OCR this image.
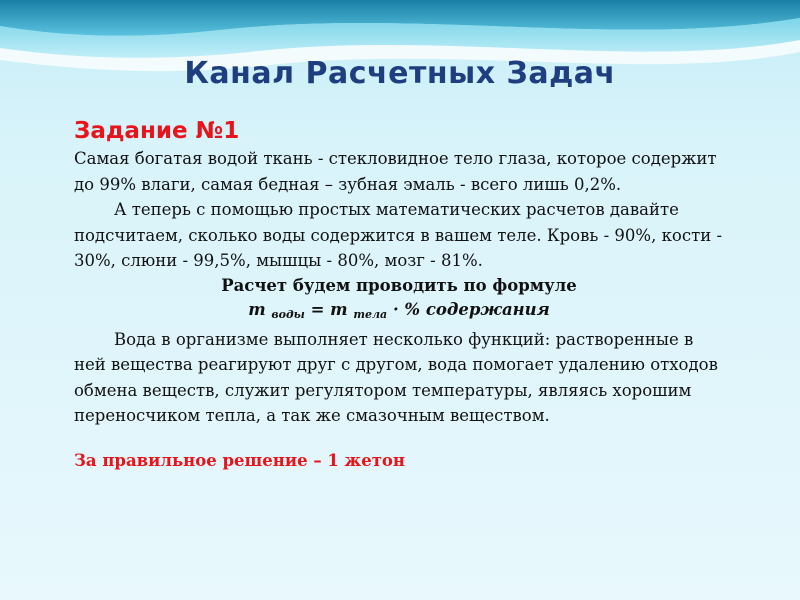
Канал Расчетных Задач
Задание №1
Самая богатая водой ткань - стекловидное тело глаза, которое содержит до 99% влаги, самая бедная – зубная эмаль - всего лишь 0,2%.
А теперь с помощью простых математических расчетов давайте подсчитаем, сколько воды содержится в вашем теле. Кровь - 90%, кости - 30%, слюни - 99,5%, мышцы - 80%, мозг - 81%.
Расчет будем проводить по формуле
m $_{воды}$ = m $_{тела}$ · % содержания
Вода в организме выполняет несколько функций: растворенные в ней вещества реагируют друг с другом, вода помогает удалению отходов обмена веществ, служит регулятором температуры, являясь хорошим переносчиком тепла, а так же смазочным веществом.
За правильное решение – 1 жетон
